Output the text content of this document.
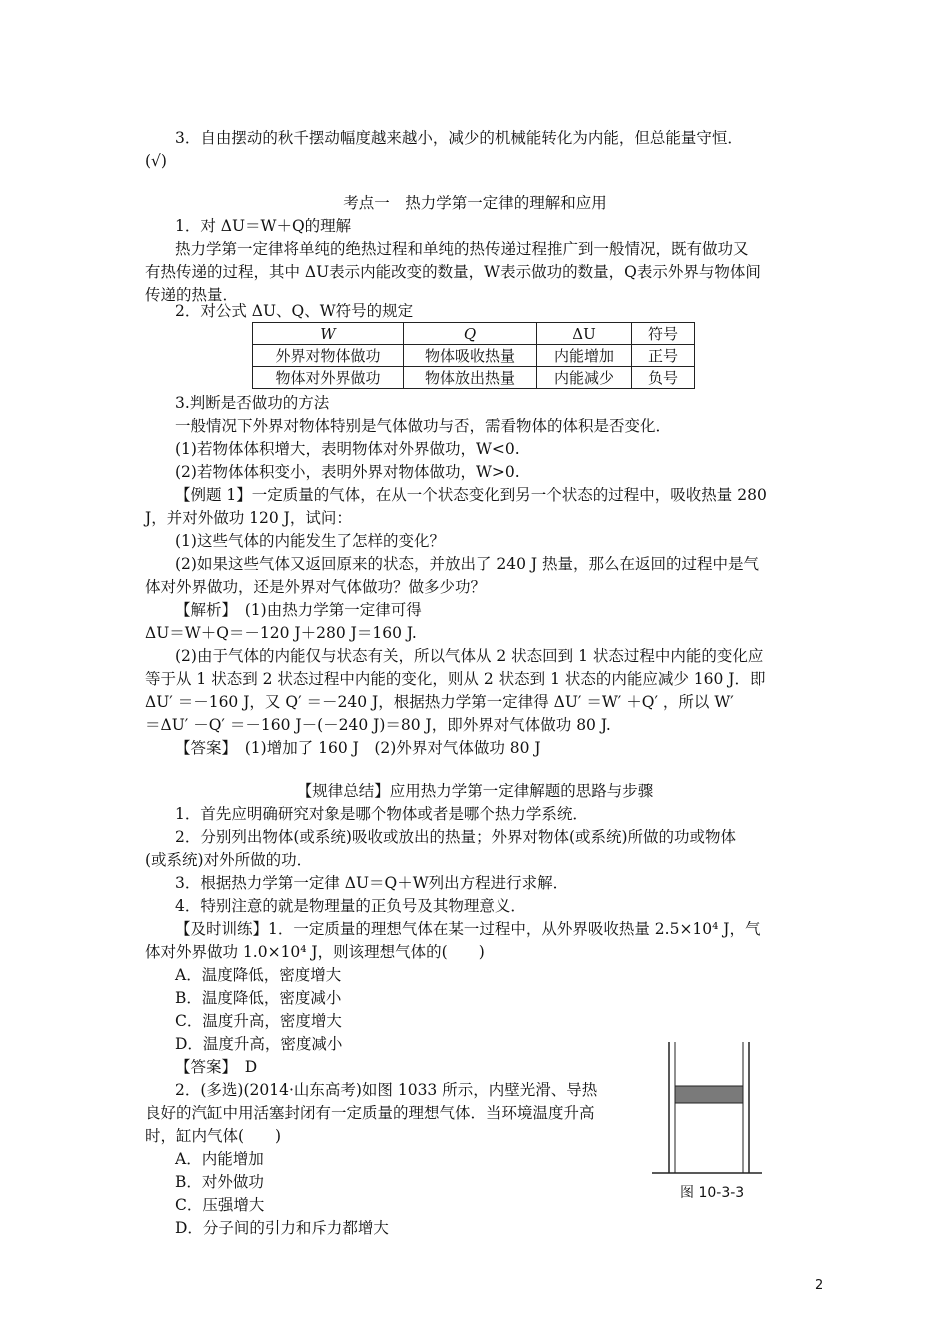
3．自由摆动的秋千摆动幅度越来越小，减少的机械能转化为内能，但总能量守恒．
(√)
考点一　热力学第一定律的理解和应用
1．对 ΔU＝W＋Q的理解
热力学第一定律将单纯的绝热过程和单纯的热传递过程推广到一般情况，既有做功又
有热传递的过程，其中 ΔU表示内能改变的数量，W表示做功的数量，Q表示外界与物体间
传递的热量．
2．对公式 ΔU、Q、W符号的规定
W	Q	ΔU	符号
外界对物体做功	物体吸收热量	内能增加	正号
物体对外界做功	物体放出热量	内能减少	负号
3.判断是否做功的方法
一般情况下外界对物体特别是气体做功与否，需看物体的体积是否变化．
(1)若物体体积增大，表明物体对外界做功，W<0.
(2)若物体体积变小，表明外界对物体做功，W>0.
【例题 1】一定质量的气体，在从一个状态变化到另一个状态的过程中，吸收热量 280
J，并对外做功 120 J，试问：
(1)这些气体的内能发生了怎样的变化？
(2)如果这些气体又返回原来的状态，并放出了 240 J 热量，那么在返回的过程中是气
体对外界做功，还是外界对气体做功？做多少功？
【解析】　(1)由热力学第一定律可得
ΔU＝W＋Q＝－120 J＋280 J＝160 J.
(2)由于气体的内能仅与状态有关，所以气体从 2 状态回到 1 状态过程中内能的变化应
等于从 1 状态到 2 状态过程中内能的变化，则从 2 状态到 1 状态的内能应减少 160 J．即
ΔU′ ＝－160 J，又 Q′ ＝－240 J，根据热力学第一定律得 ΔU′ ＝W′ ＋Q′ ，所以 W′
＝ΔU′ －Q′ ＝－160 J－(－240 J)＝80 J，即外界对气体做功 80 J.
【答案】　(1)增加了 160 J　(2)外界对气体做功 80 J
【规律总结】应用热力学第一定律解题的思路与步骤
1．首先应明确研究对象是哪个物体或者是哪个热力学系统．
2．分别列出物体(或系统)吸收或放出的热量；外界对物体(或系统)所做的功或物体
(或系统)对外所做的功．
3．根据热力学第一定律 ΔU＝Q＋W列出方程进行求解．
4．特别注意的就是物理量的正负号及其物理意义．
【及时训练】1．一定质量的理想气体在某一过程中，从外界吸收热量 2.5×10⁴ J，气
体对外界做功 1.0×10⁴ J，则该理想气体的(　　)
A．温度降低，密度增大
B．温度降低，密度减小
C．温度升高，密度增大
D．温度升高，密度减小
【答案】　D
2．(多选)(2014·山东高考)如图 1033 所示，内壁光滑、导热
良好的汽缸中用活塞封闭有一定质量的理想气体．当环境温度升高
时，缸内气体(　　)
A．内能增加
B．对外做功
C．压强增大
D．分子间的引力和斥力都增大
图 10-3-3
2
